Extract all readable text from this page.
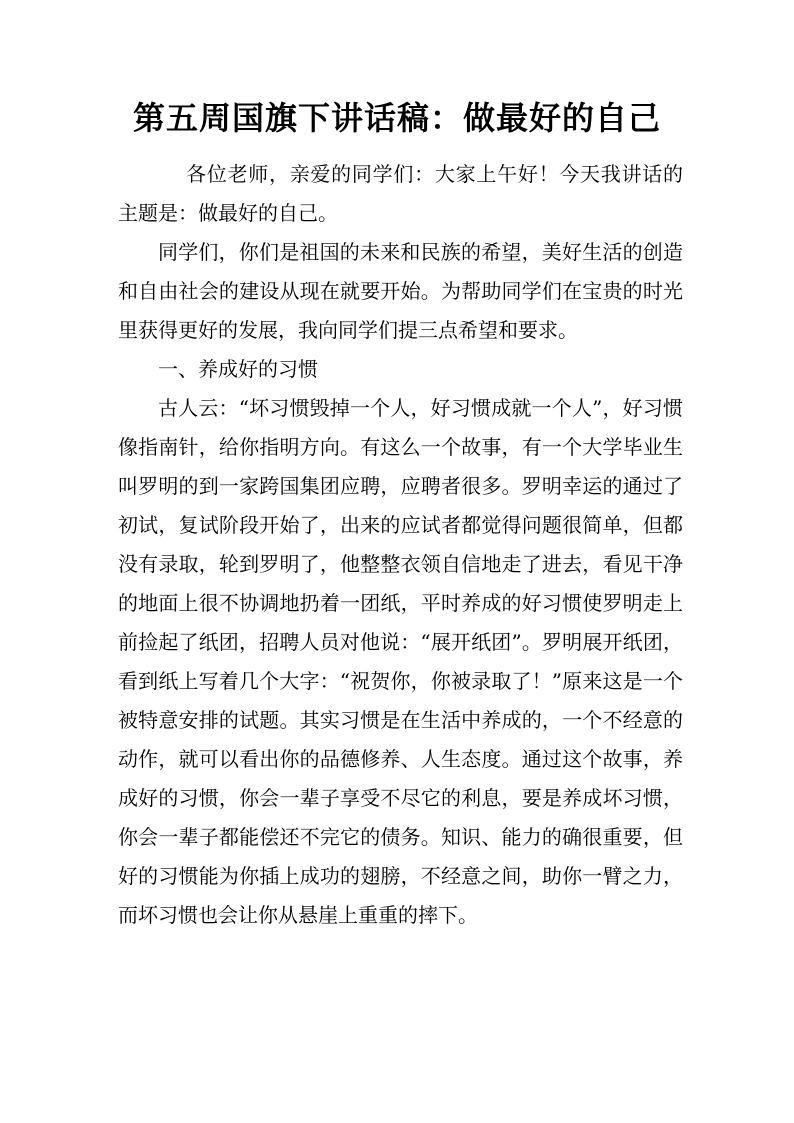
第五周国旗下讲话稿：做最好的自己

各位老师，亲爱的同学们：大家上午好！今天我讲话的主题是：做最好的自己。

同学们，你们是祖国的未来和民族的希望，美好生活的创造和自由社会的建设从现在就要开始。为帮助同学们在宝贵的时光里获得更好的发展，我向同学们提三点希望和要求。

一、养成好的习惯

古人云：“坏习惯毁掉一个人，好习惯成就一个人”，好习惯像指南针，给你指明方向。有这么一个故事，有一个大学毕业生叫罗明的到一家跨国集团应聘，应聘者很多。罗明幸运的通过了初试，复试阶段开始了，出来的应试者都觉得问题很简单，但都没有录取，轮到罗明了，他整整衣领自信地走了进去，看见干净的地面上很不协调地扔着一团纸，平时养成的好习惯使罗明走上前捡起了纸团，招聘人员对他说：“展开纸团”。罗明展开纸团，看到纸上写着几个大字：“祝贺你，你被录取了！”原来这是一个被特意安排的试题。其实习惯是在生活中养成的，一个不经意的动作，就可以看出你的品德修养、人生态度。通过这个故事，养成好的习惯，你会一辈子享受不尽它的利息，要是养成坏习惯，你会一辈子都能偿还不完它的债务。知识、能力的确很重要，但好的习惯能为你插上成功的翅膀，不经意之间，助你一臂之力，而坏习惯也会让你从悬崖上重重的摔下。
